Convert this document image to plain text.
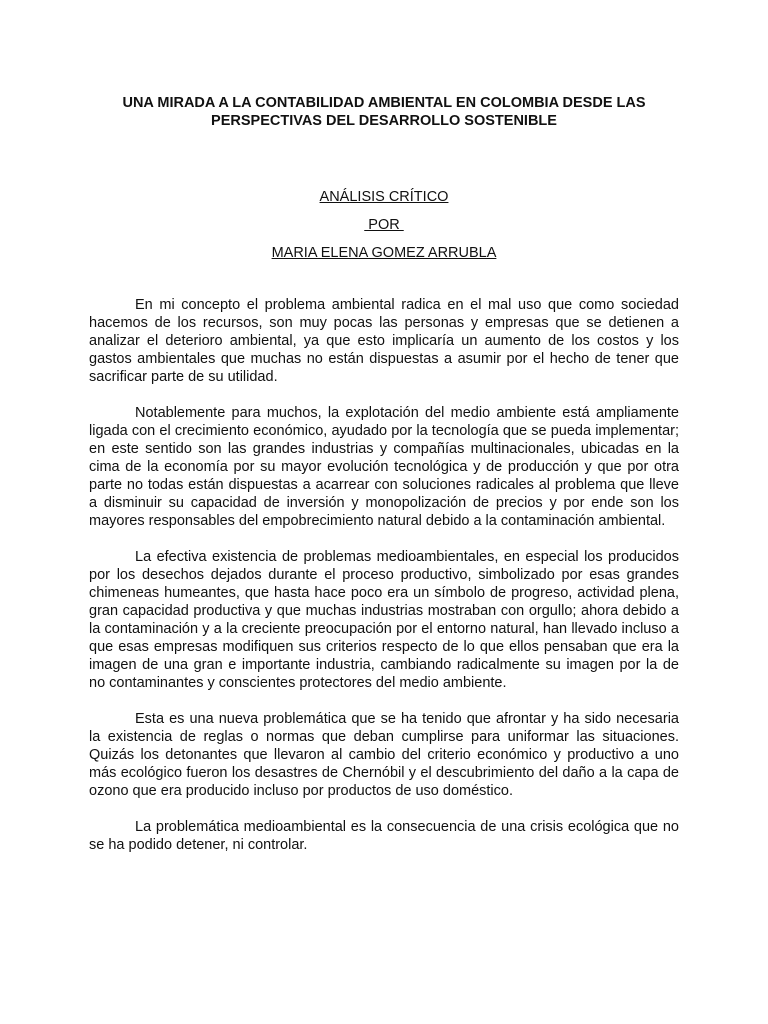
UNA MIRADA A LA CONTABILIDAD AMBIENTAL EN COLOMBIA DESDE LAS PERSPECTIVAS DEL DESARROLLO SOSTENIBLE
ANÁLISIS CRÍTICO
POR
MARIA ELENA GOMEZ ARRUBLA

En mi concepto el problema ambiental radica en el mal uso que como sociedad hacemos de los recursos, son muy pocas las personas y empresas que se detienen a analizar el deterioro ambiental, ya que esto implicaría un aumento de los costos y los gastos ambientales que muchas no están dispuestas a asumir por el hecho de tener que sacrificar parte de su utilidad.

Notablemente para muchos, la explotación del medio ambiente está ampliamente ligada con el crecimiento económico, ayudado por la tecnología que se pueda implementar; en este sentido son las grandes industrias y compañías multinacionales, ubicadas en la cima de la economía por su mayor evolución tecnológica y de producción y que por otra parte no todas están dispuestas a acarrear con soluciones radicales al problema que lleve a disminuir su capacidad de inversión y monopolización de precios y por ende son los mayores responsables del empobrecimiento natural debido a la contaminación ambiental.

La efectiva existencia de problemas medioambientales, en especial los producidos por los desechos dejados durante el proceso productivo, simbolizado por esas grandes chimeneas humeantes, que hasta hace poco era un símbolo de progreso, actividad plena, gran capacidad productiva y que muchas industrias mostraban con orgullo; ahora debido a la contaminación y a la creciente preocupación por el entorno natural, han llevado incluso a que esas empresas modifiquen sus criterios respecto de lo que ellos pensaban que era la imagen de una gran e importante industria, cambiando radicalmente su imagen por la de no contaminantes y conscientes protectores del medio ambiente.

Esta es una nueva problemática que se ha tenido que afrontar y ha sido necesaria la existencia de reglas o normas que deban cumplirse para uniformar las situaciones. Quizás los detonantes que llevaron al cambio del criterio económico y productivo a uno más ecológico fueron los desastres de Chernóbil y el descubrimiento del daño a la capa de ozono que era producido incluso por productos de uso doméstico.

La problemática medioambiental es la consecuencia de una crisis ecológica que no se ha podido detener, ni controlar.
